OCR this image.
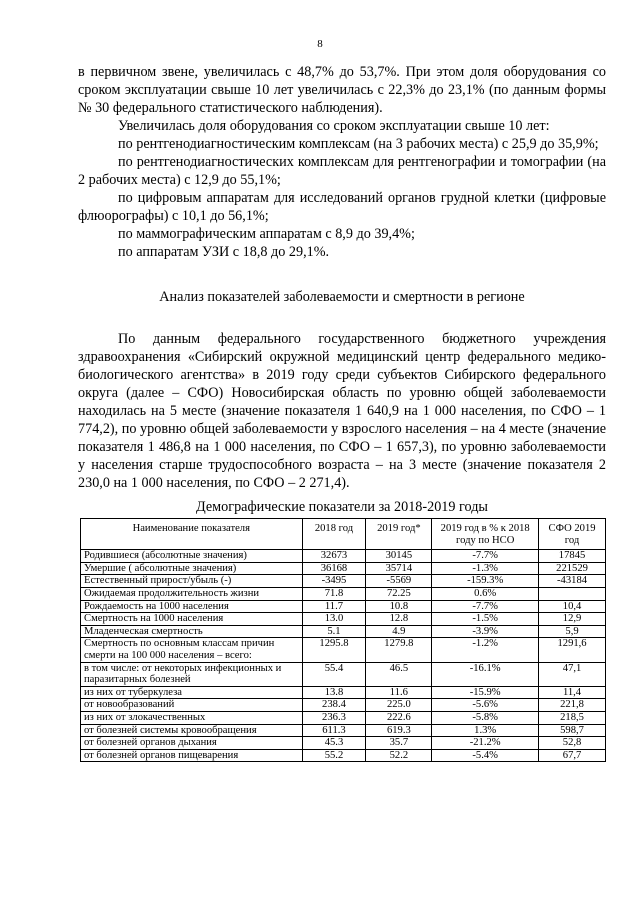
8

в первичном звене, увеличилась с 48,7% до 53,7%. При этом доля оборудования со сроком эксплуатации свыше 10 лет увеличилась с 22,3% до 23,1% (по данным формы № 30 федерального статистического наблюдения).

Увеличилась доля оборудования со сроком эксплуатации свыше 10 лет:

по рентгенодиагностическим комплексам (на 3 рабочих места) с 25,9 до 35,9%;

по рентгенодиагностических комплексам для рентгенографии и томографии (на 2 рабочих места) с 12,9 до 55,1%;

по цифровым аппаратам для исследований органов грудной клетки (цифровые флюорографы) с 10,1 до 56,1%;

по маммографическим аппаратам с 8,9 до 39,4%;

по аппаратам УЗИ с 18,8 до 29,1%.

Анализ показателей заболеваемости и смертности в регионе

По данным федерального государственного бюджетного учреждения здравоохранения «Сибирский окружной медицинский центр федерального медико-биологического агентства» в 2019 году среди субъектов Сибирского федерального округа (далее – СФО) Новосибирская область по уровню общей заболеваемости находилась на 5 месте (значение показателя 1 640,9 на 1 000 населения, по СФО – 1 774,2), по уровню общей заболеваемости у взрослого населения – на 4 месте (значение показателя 1 486,8 на 1 000 населения, по СФО – 1 657,3), по уровню заболеваемости у населения старше трудоспособного возраста – на 3 месте (значение показателя 2 230,0 на 1 000 населения, по СФО – 2 271,4).

Демографические показатели за 2018-2019 годы

Наименование показателя	2018 год	2019 год*	2019 год в % к 2018 году по НСО	СФО 2019 год
Родившиеся (абсолютные значения)	32673	30145	-7.7%	17845
Умершие ( абсолютные значения)	36168	35714	-1.3%	221529
Естественный прирост/убыль (-)	-3495	-5569	-159.3%	-43184
Ожидаемая продолжительность жизни	71.8	72.25	0.6%	
Рождаемость на 1000 населения	11.7	10.8	-7.7%	10,4
Смертность на 1000 населения	13.0	12.8	-1.5%	12,9
Младенческая смертность	5.1	4.9	-3.9%	5,9
Смертность по основным классам причин смерти на 100 000 населения – всего:	1295.8	1279.8	-1.2%	1291,6
в том числе: от некоторых инфекционных и паразитарных болезней	55.4	46.5	-16.1%	47,1
из них от туберкулеза	13.8	11.6	-15.9%	11,4
от новообразований	238.4	225.0	-5.6%	221,8
из них от злокачественных	236.3	222.6	-5.8%	218,5
от болезней системы кровообращения	611.3	619.3	1.3%	598,7
от болезней органов дыхания	45.3	35.7	-21.2%	52,8
от болезней органов пищеварения	55.2	52.2	-5.4%	67,7
